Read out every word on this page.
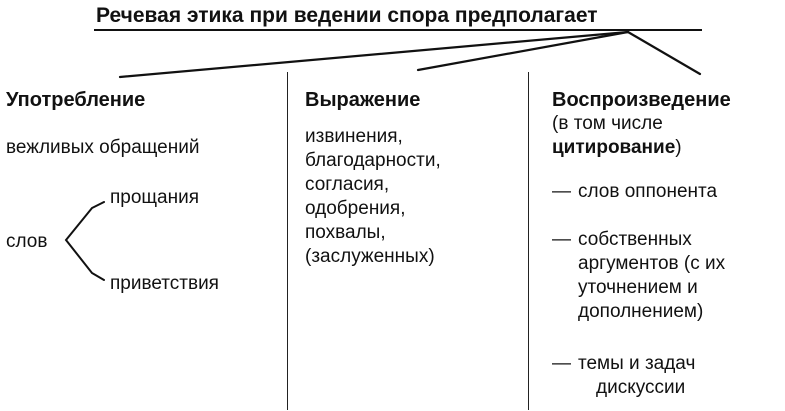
Речевая этика при ведении спора предполагает
Употребление
вежливых обращений
слов
прощания
приветствия
Выражение
извинения,
благодарности,
согласия,
одобрения,
похвалы,
(заслуженных)
Воспроизведение
(в том числе
цитирование)
— слов оппонента
— собственных
аргументов (с их
уточнением и
дополнением)
— темы и задач
дискуссии
